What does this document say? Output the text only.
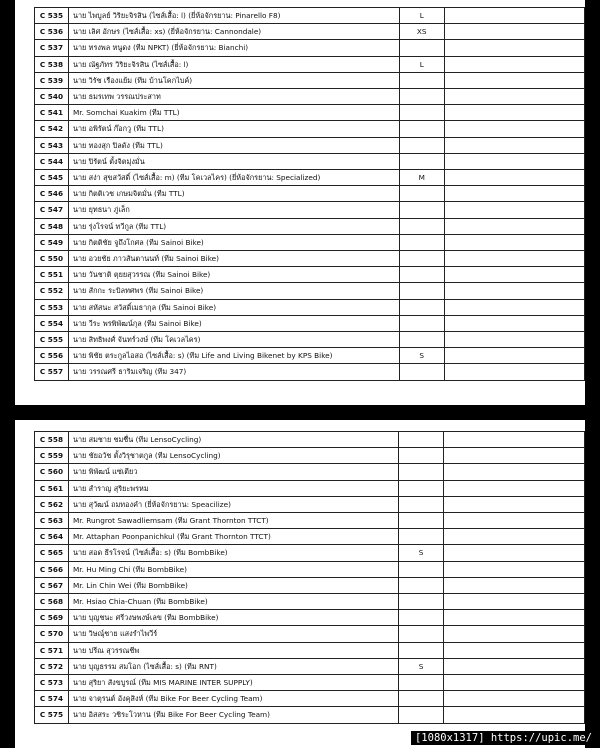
C 535	นาย ไพบูลย์ วิริยะจิรสิน (ไซส์เสื้อ: l) (ยี่ห้อจักรยาน: Pinarello F8)	L	
C 536	นาย เลิศ อักษร (ไซส์เสื้อ: xs) (ยี่ห้อจักรยาน: Cannondale)	XS	
C 537	นาย ทรงพล หนูดง (ทีม NPKT) (ยี่ห้อจักรยาน: Bianchi)		
C 538	นาย ณัฐภัทร วิริยะจิรสิน (ไซส์เสื้อ: l)	L	
C 539	นาย วิรัช เรืองแย้ม (ทีม บ้านโคกไบค์)		
C 540	นาย ธมรเทพ วรรณประสาท		
C 541	Mr. Somchai Kuakim (ทีม TTL)		
C 542	นาย อพิรัตน์ ก๊อกวู (ทีม TTL)		
C 543	นาย ทองสุก ปิลดัง (ทีม TTL)		
C 544	นาย ปิรัตน์ ตั้งจิตมุ่งมั่น		
C 545	นาย สง่า สุขสวัสดิ์ (ไซส์เสื้อ: m) (ทีม โคเวลไคร) (ยี่ห้อจักรยาน: Specialized)	M	
C 546	นาย กิตติเวช เกษมจิตมั่น (ทีม TTL)		
C 547	นาย ยุทธนา ภู่เล็ก		
C 548	นาย รุ่งโรจน์ ทวีกูล (ทีม TTL)		
C 549	นาย กิตติชัย จูถึงโกศล (ทีม Sainoi Bike)		
C 550	นาย อวยชัย ภาวสันตานนท์ (ทีม Sainoi Bike)		
C 551	นาย วันชาติ ตุยยสุวรรณ (ทีม Sainoi Bike)		
C 552	นาย สักกะ ระบิลทศพร (ทีม Sainoi Bike)		
C 553	นาย สหัสนะ สวัสดิ์เมธากุล (ทีม Sainoi Bike)		
C 554	นาย วีระ พรพิพัฒน์กุล (ทีม Sainoi Bike)		
C 555	นาย สิทธิพงศ์ จันทร์วงษ์ (ทีม โคเวลไคร)		
C 556	นาย พิชัย ตระกูลไอสอ (ไซส์เสื้อ: s) (ทีม Life and Living Bikenet by KPS Bike)	S	
C 557	นาย วรรณศรี ธาริมเจริญ (ทีม 347)		
C 558	นาย สมชาย ชมชื่น (ทีม LensoCycling)		
C 559	นาย ชัยอวัช ตั้งวิรุชาตกูล (ทีม LensoCycling)		
C 560	นาย พิพัฒน์ แซ่เตียว		
C 561	นาย สำราญ สุริยะพรหม		
C 562	นาย สุวัฒน์ ถมทองคำ (ยี่ห้อจักรยาน: Speacilize)		
C 563	Mr. Rungrot Sawadliemsam (ทีม Grant Thornton TTCT)		
C 564	Mr. Attaphan Poonpanichkul (ทีม Grant Thornton TTCT)		
C 565	นาย สอด ธีรโรจน์ (ไซส์เสื้อ: s) (ทีม BombBike)	S	
C 566	Mr. Hu Ming Chi (ทีม BombBike)		
C 567	Mr. Lin Chin Wei (ทีม BombBike)		
C 568	Mr. Hsiao Chia-Chuan (ทีม BombBike)		
C 569	นาย บุญชนะ ศรีวงษพงษ์เลข (ทีม BombBike)		
C 570	นาย วิษณุ์ชาย แสงรำไพวีร์		
C 571	นาย ปรีณ สุวรรณชีพ		
C 572	นาย บุญธรรม สมโอก (ไซส์เสื้อ: s) (ทีม RNT)	S	
C 573	นาย สุริยา สังขบูรณ์ (ทีม MIS MARINE INTER SUPPLY)		
C 574	นาย จาตุรนต์ อังคุสิงห์ (ทีม Bike For Beer Cycling Team)		
C 575	นาย อิสสระ วชิระโวหาน (ทีม Bike For Beer Cycling Team)		
[1080x1317] https://upic.me/
